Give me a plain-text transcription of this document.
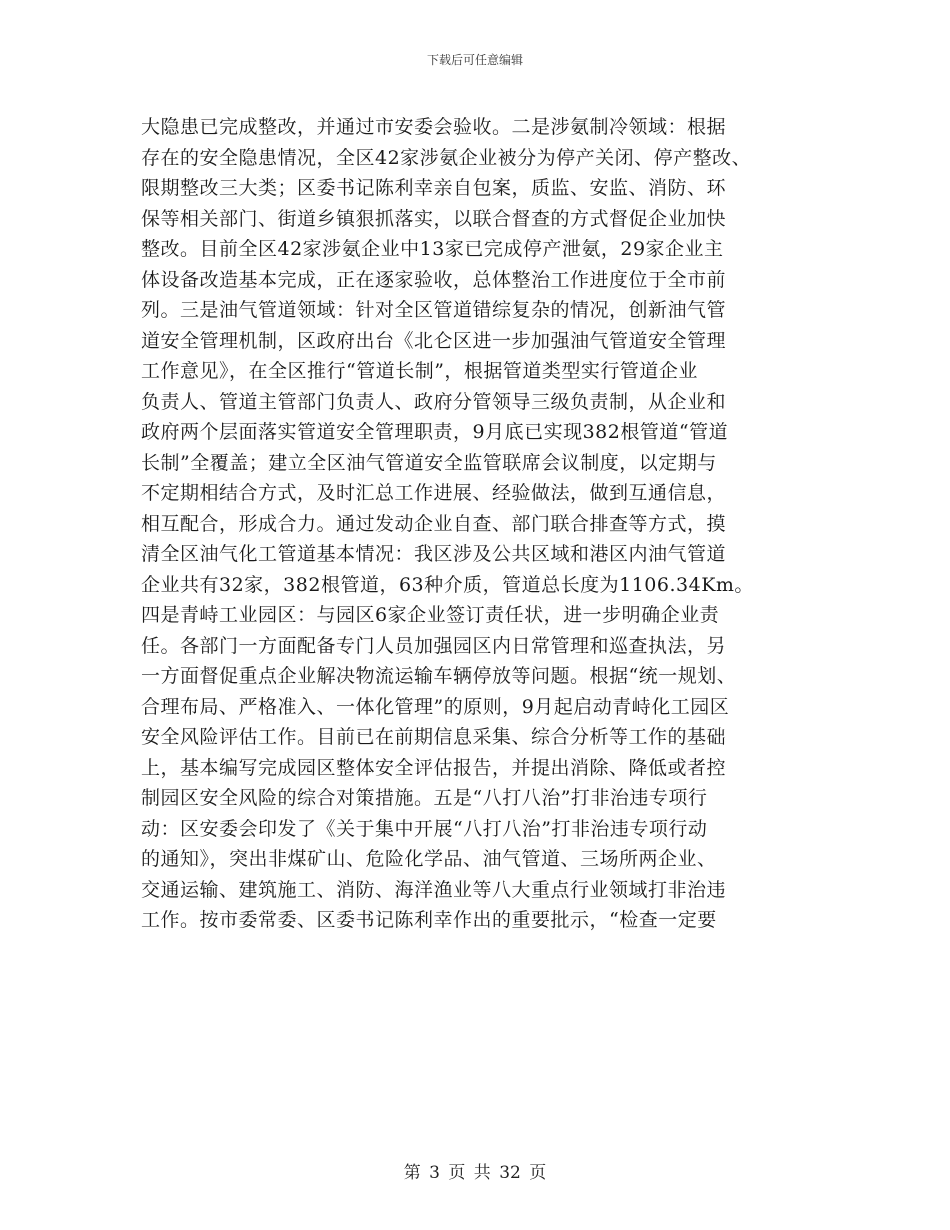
下载后可任意编辑
大隐患已完成整改，并通过市安委会验收。二是涉氨制冷领域：根据
存在的安全隐患情况，全区42家涉氨企业被分为停产关闭、停产整改、
限期整改三大类；区委书记陈利幸亲自包案，质监、安监、消防、环
保等相关部门、街道乡镇狠抓落实，以联合督查的方式督促企业加快
整改。目前全区42家涉氨企业中13家已完成停产泄氨，29家企业主
体设备改造基本完成，正在逐家验收，总体整治工作进度位于全市前
列。三是油气管道领域：针对全区管道错综复杂的情况，创新油气管
道安全管理机制，区政府出台《北仑区进一步加强油气管道安全管理
工作意见》，在全区推行“管道长制”，根据管道类型实行管道企业
负责人、管道主管部门负责人、政府分管领导三级负责制，从企业和
政府两个层面落实管道安全管理职责，9月底已实现382根管道“管道
长制”全覆盖；建立全区油气管道安全监管联席会议制度，以定期与
不定期相结合方式，及时汇总工作进展、经验做法，做到互通信息，
相互配合，形成合力。通过发动企业自查、部门联合排查等方式，摸
清全区油气化工管道基本情况：我区涉及公共区域和港区内油气管道
企业共有32家，382根管道，63种介质，管道总长度为1106.34Km。
四是青峙工业园区：与园区6家企业签订责任状，进一步明确企业责
任。各部门一方面配备专门人员加强园区内日常管理和巡查执法，另
一方面督促重点企业解决物流运输车辆停放等问题。根据“统一规划、
合理布局、严格准入、一体化管理”的原则，9月起启动青峙化工园区
安全风险评估工作。目前已在前期信息采集、综合分析等工作的基础
上，基本编写完成园区整体安全评估报告，并提出消除、降低或者控
制园区安全风险的综合对策措施。五是“八打八治”打非治违专项行
动：区安委会印发了《关于集中开展“八打八治”打非治违专项行动
的通知》，突出非煤矿山、危险化学品、油气管道、三场所两企业、
交通运输、建筑施工、消防、海洋渔业等八大重点行业领域打非治违
工作。按市委常委、区委书记陈利幸作出的重要批示，“检查一定要
第 3 页 共 32 页
